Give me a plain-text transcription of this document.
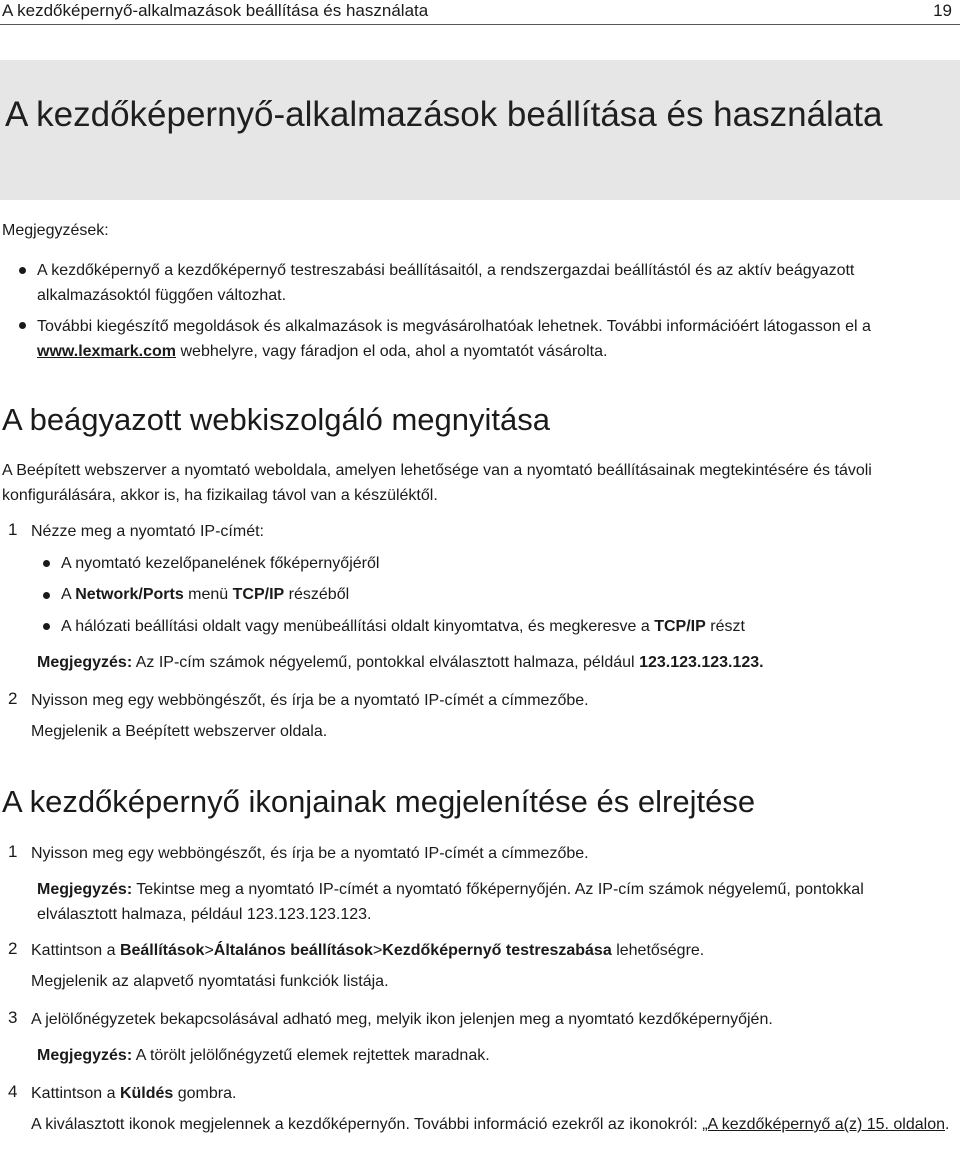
A kezdőképernyő-alkalmazások beállítása és használata	19
A kezdőképernyő-alkalmazások beállítása és használata

Megjegyzések:

A kezdőképernyő a kezdőképernyő testreszabási beállításaitól, a rendszergazdai beállítástól és az aktív beágyazott alkalmazásoktól függően változhat.

További kiegészítő megoldások és alkalmazások is megvásárolhatóak lehetnek. További információért látogasson el a www.lexmark.com webhelyre, vagy fáradjon el oda, ahol a nyomtatót vásárolta.

A beágyazott webkiszolgáló megnyitása

A Beépített webszerver a nyomtató weboldala, amelyen lehetősége van a nyomtató beállításainak megtekintésére és távoli konfigurálására, akkor is, ha fizikailag távol van a készüléktől.

1 Nézze meg a nyomtató IP-címét:

A nyomtató kezelőpanelének főképernyőjéről

A Network/Ports menü TCP/IP részéből

A hálózati beállítási oldalt vagy menübeállítási oldalt kinyomtatva, és megkeresve a TCP/IP részt

Megjegyzés: Az IP-cím számok négyelemű, pontokkal elválasztott halmaza, például 123.123.123.123.

2 Nyisson meg egy webböngészőt, és írja be a nyomtató IP-címét a címmezőbe.

Megjelenik a Beépített webszerver oldala.

A kezdőképernyő ikonjainak megjelenítése és elrejtése
1 Nyisson meg egy webböngészőt, és írja be a nyomtató IP-címét a címmezőbe.

Megjegyzés: Tekintse meg a nyomtató IP-címét a nyomtató főképernyőjén. Az IP-cím számok négyelemű, pontokkal elválasztott halmaza, például 123.123.123.123.

2 Kattintson a Beállítások>Általános beállítások>Kezdőképernyő testreszabása lehetőségre.

Megjelenik az alapvető nyomtatási funkciók listája.

3 A jelölőnégyzetek bekapcsolásával adható meg, melyik ikon jelenjen meg a nyomtató kezdőképernyőjén.

Megjegyzés: A törölt jelölőnégyzetű elemek rejtettek maradnak.

4 Kattintson a Küldés gombra.

A kiválasztott ikonok megjelennek a kezdőképernyőn. További információ ezekről az ikonokról: „A kezdőképernyő a(z) 15. oldalon.
